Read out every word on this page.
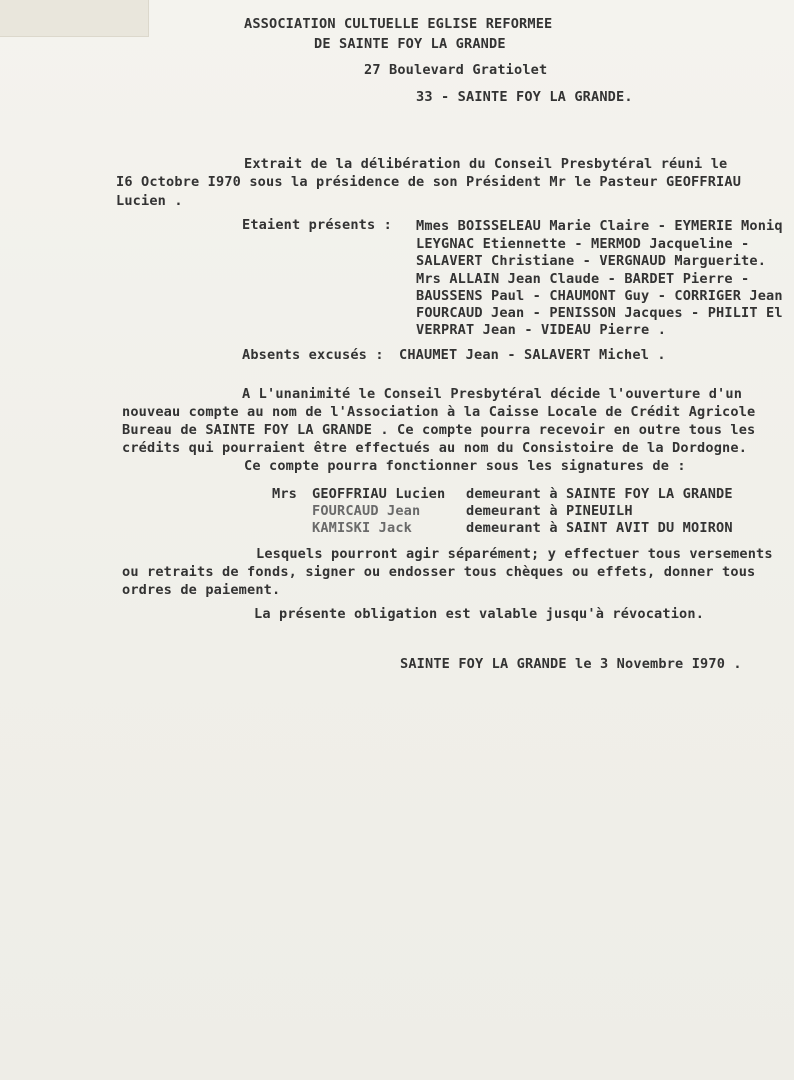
ASSOCIATION CULTUELLE EGLISE REFORMEE
DE SAINTE FOY LA GRANDE
27 Boulevard Gratiolet
33 - SAINTE FOY LA GRANDE.
Extrait de la délibération du Conseil Presbytéral réuni le
I6 Octobre I970 sous la présidence de son Président Mr le Pasteur GEOFFRIAU
Lucien .
Etaient présents : Mmes BOISSELEAU Marie Claire - EYMERIE Moniq
LEYGNAC Etiennette - MERMOD Jacqueline -
SALAVERT Christiane - VERGNAUD Marguerite.
Mrs ALLAIN Jean Claude - BARDET Pierre -
BAUSSENS Paul - CHAUMONT Guy - CORRIGER Jean
FOURCAUD Jean - PENISSON Jacques - PHILIT El
VERPRAT Jean - VIDEAU Pierre .
Absents excusés : CHAUMET Jean - SALAVERT Michel .
A L'unanimité le Conseil Presbytéral décide l'ouverture d'un
nouveau compte au nom de l'Association à la Caisse Locale de Crédit Agricole
Bureau de SAINTE FOY LA GRANDE . Ce compte pourra recevoir en outre tous les
crédits qui pourraient être effectués au nom du Consistoire de la Dordogne.
Ce compte pourra fonctionner sous les signatures de :
Mrs GEOFFRIAU Lucien demeurant à SAINTE FOY LA GRANDE
FOURCAUD Jean	demeurant à PINEUILH
KAMISKI Jack	demeurant à SAINT AVIT DU MOIRON
Lesquels pourront agir séparément; y effectuer tous versements
ou retraits de fonds, signer ou endosser tous chèques ou effets, donner tous
ordres de paiement.
La présente obligation est valable jusqu'à révocation.
SAINTE FOY LA GRANDE le 3 Novembre I970 .
